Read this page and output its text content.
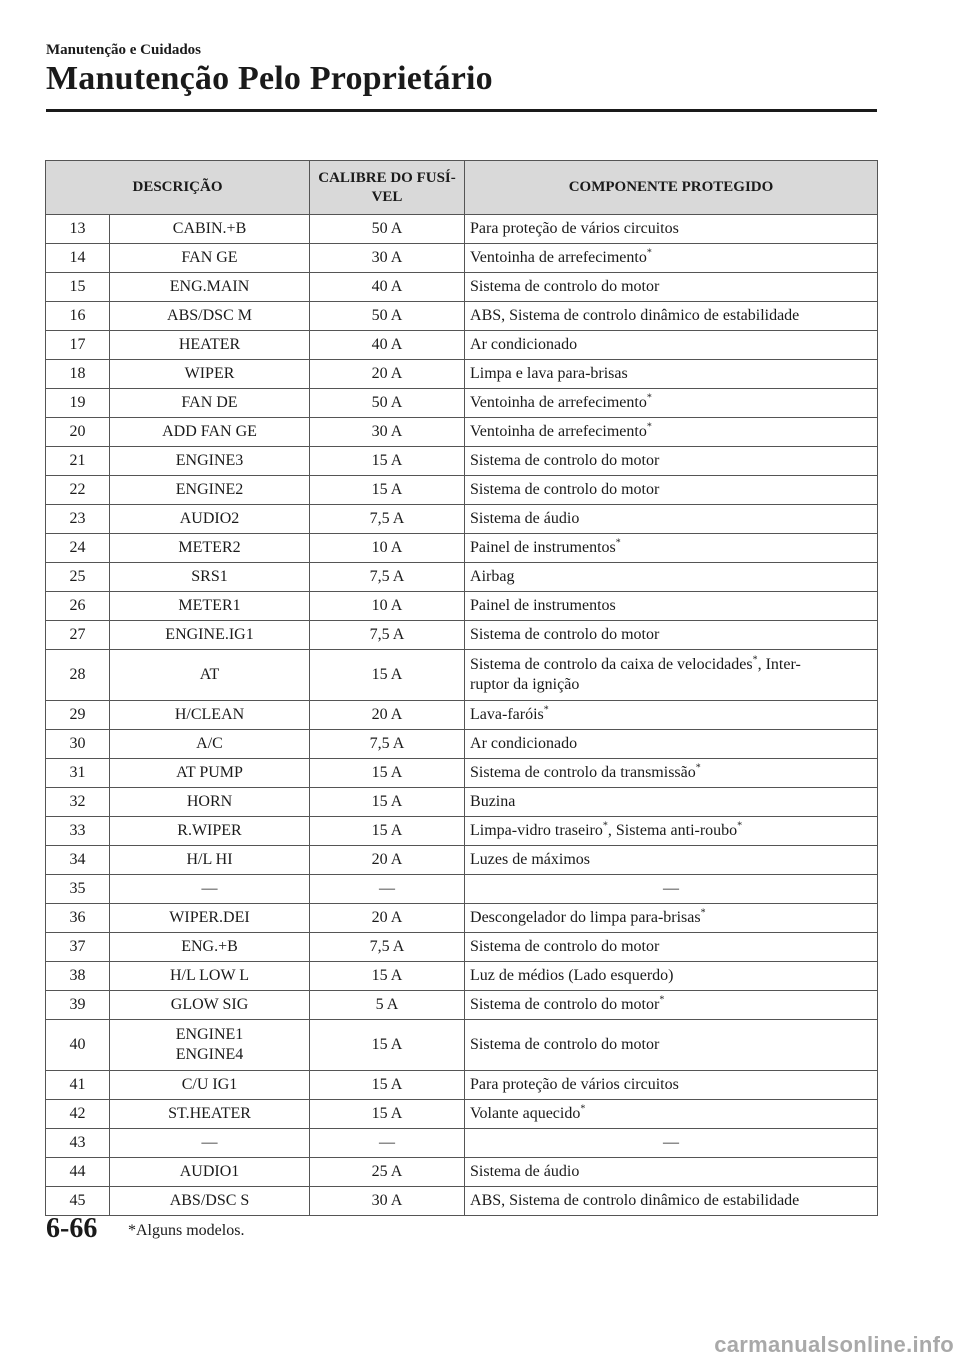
Manutenção e Cuidados
Manutenção Pelo Proprietário
DESCRIÇÃO		CALIBRE DO FUSÍ-
VEL	COMPONENTE PROTEGIDO
13	CABIN.+B	50 A	Para proteção de vários circuitos
14	FAN GE	30 A	Ventoinha de arrefecimento*
15	ENG.MAIN	40 A	Sistema de controlo do motor
16	ABS/DSC M	50 A	ABS, Sistema de controlo dinâmico de estabilidade
17	HEATER	40 A	Ar condicionado
18	WIPER	20 A	Limpa e lava para-brisas
19	FAN DE	50 A	Ventoinha de arrefecimento*
20	ADD FAN GE	30 A	Ventoinha de arrefecimento*
21	ENGINE3	15 A	Sistema de controlo do motor
22	ENGINE2	15 A	Sistema de controlo do motor
23	AUDIO2	7,5 A	Sistema de áudio
24	METER2	10 A	Painel de instrumentos*
25	SRS1	7,5 A	Airbag
26	METER1	10 A	Painel de instrumentos
27	ENGINE.IG1	7,5 A	Sistema de controlo do motor
28	AT	15 A	Sistema de controlo da caixa de velocidades*, Inter-
ruptor da ignição
29	H/CLEAN	20 A	Lava-faróis*
30	A/C	7,5 A	Ar condicionado
31	AT PUMP	15 A	Sistema de controlo da transmissão*
32	HORN	15 A	Buzina
33	R.WIPER	15 A	Limpa-vidro traseiro*, Sistema anti-roubo*
34	H/L HI	20 A	Luzes de máximos
35	—	—	—
36	WIPER.DEI	20 A	Descongelador do limpa para-brisas*
37	ENG.+B	7,5 A	Sistema de controlo do motor
38	H/L LOW L	15 A	Luz de médios (Lado esquerdo)
39	GLOW SIG	5 A	Sistema de controlo do motor*
40	ENGINE1
ENGINE4	15 A	Sistema de controlo do motor
41	C/U IG1	15 A	Para proteção de vários circuitos
42	ST.HEATER	15 A	Volante aquecido*
43	—	—	—
44	AUDIO1	25 A	Sistema de áudio
45	ABS/DSC S	30 A	ABS, Sistema de controlo dinâmico de estabilidade
6-66 *Alguns modelos.
carmanualsonline.info
